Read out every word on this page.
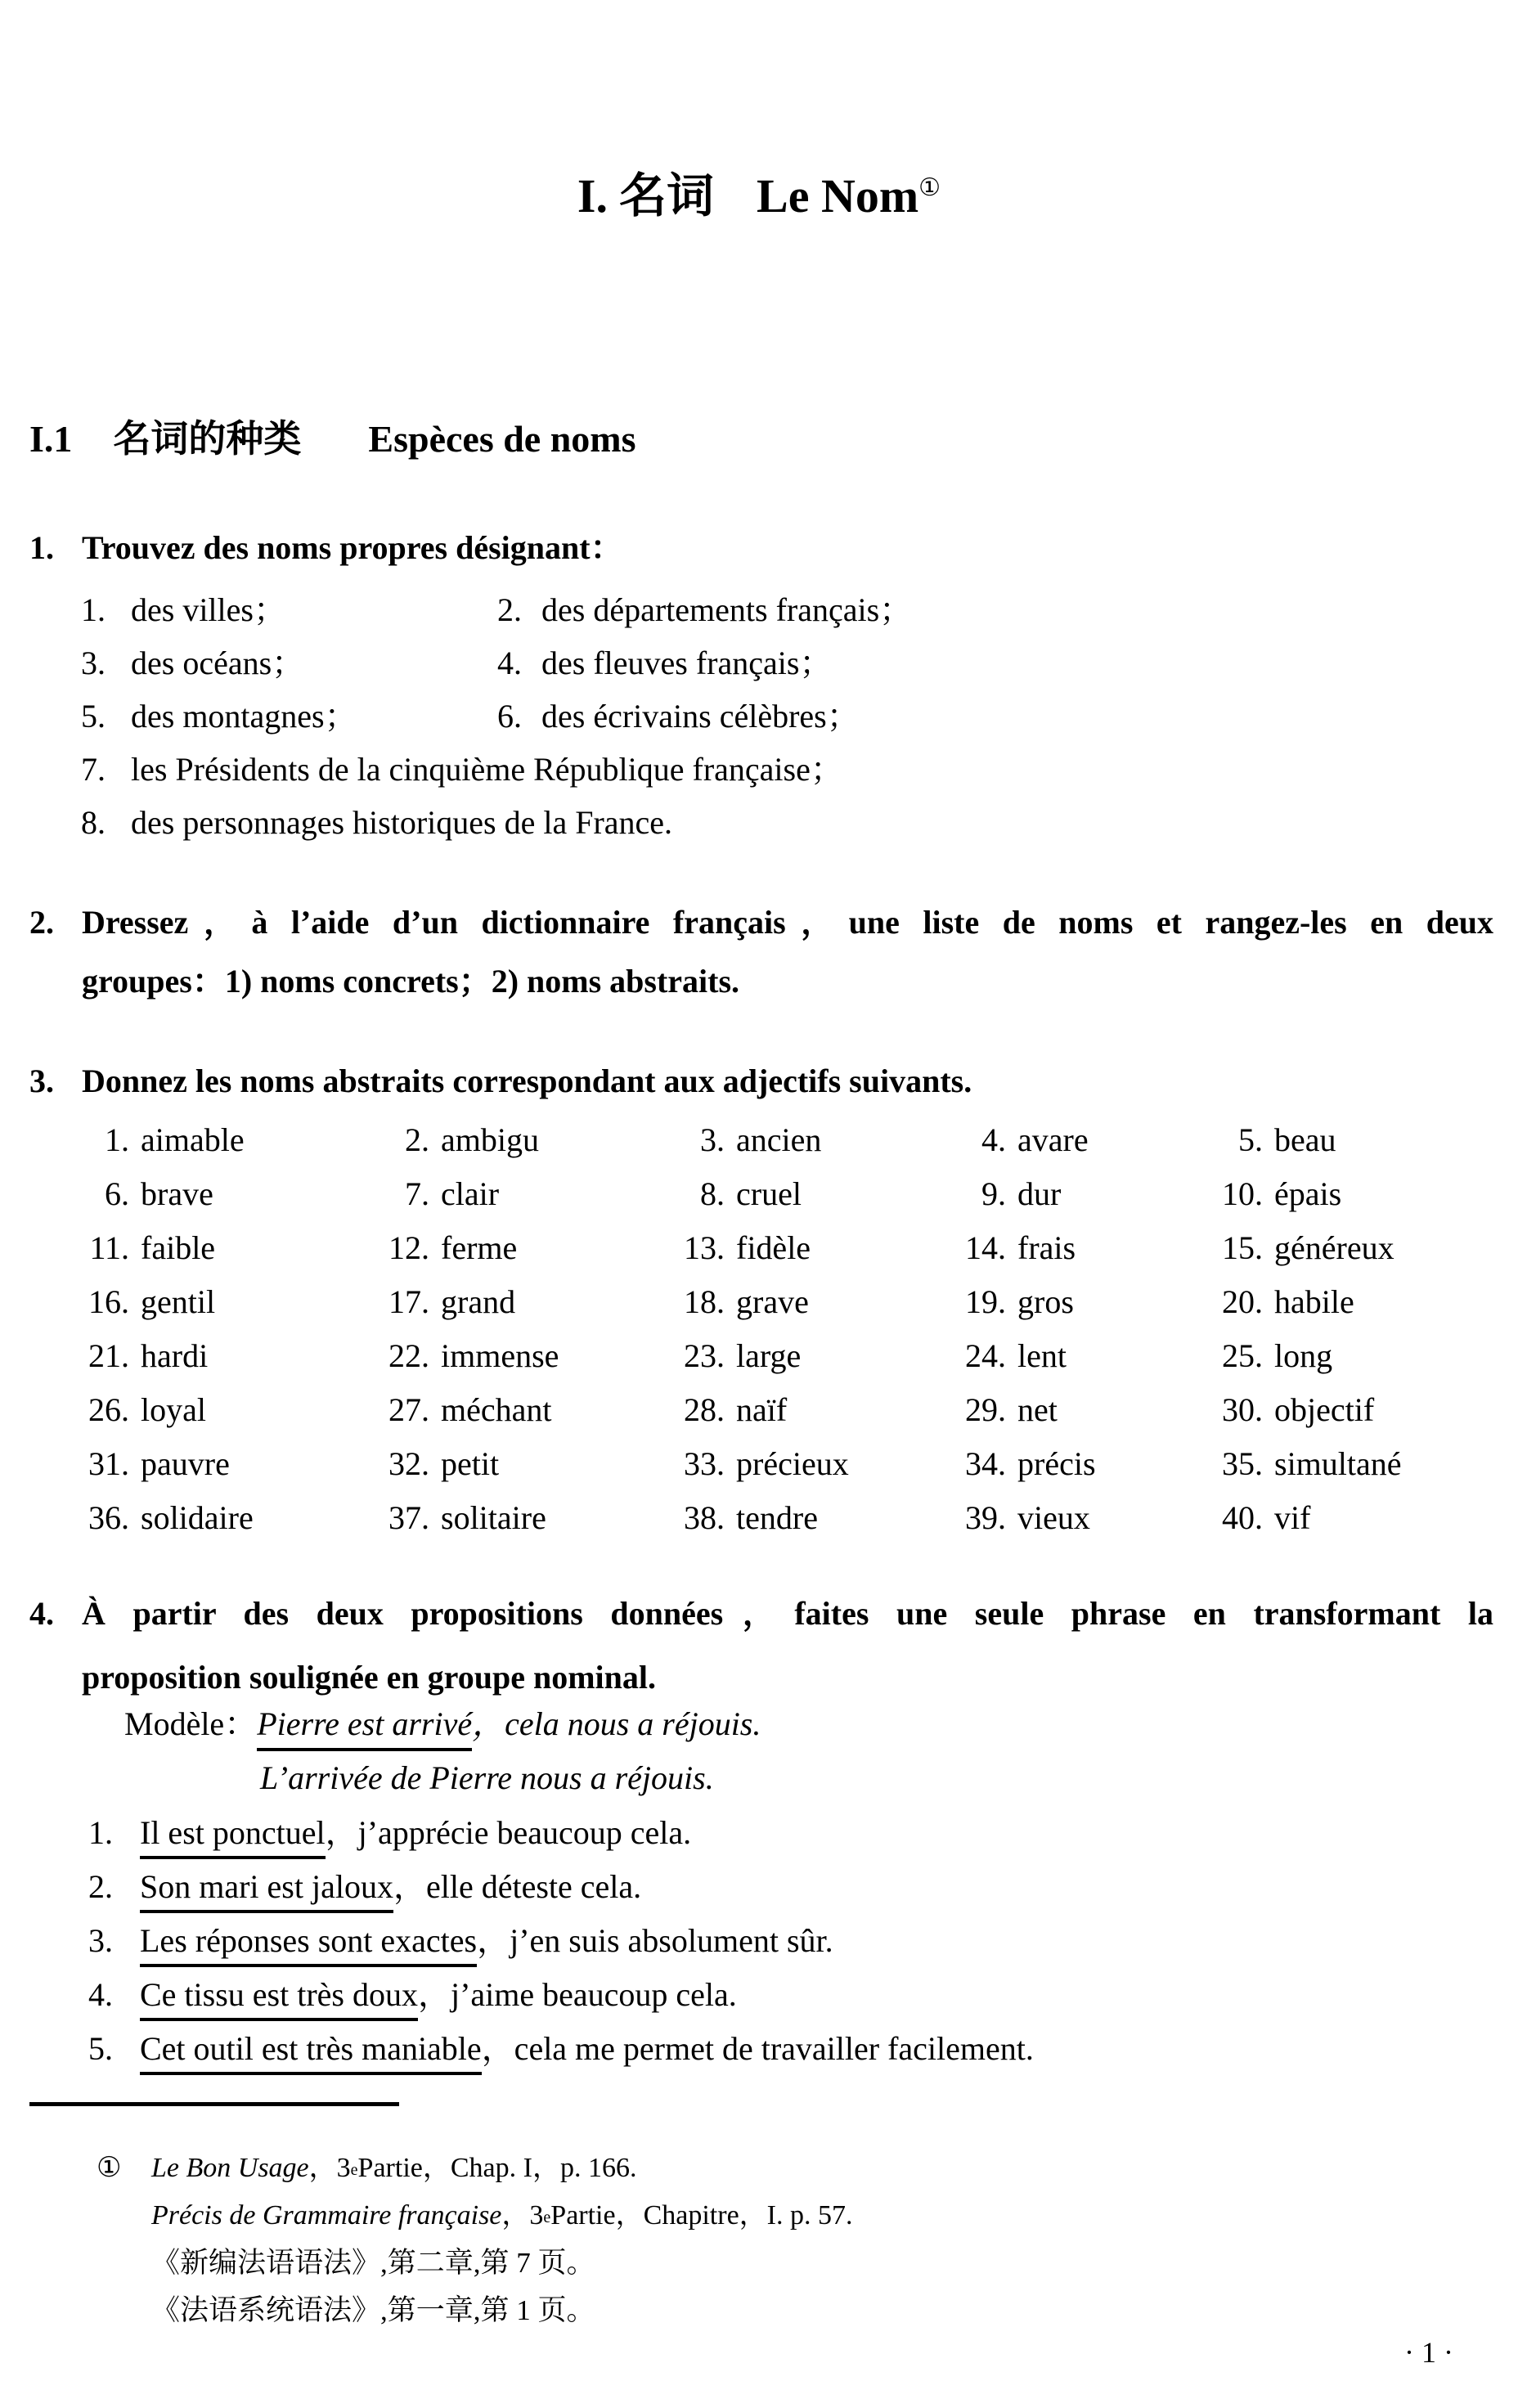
I. 名词 Le Nom①
I.1 名词的种类 Espèces de noms
1. Trouvez des noms propres désignant：
1. des villes；	2. des départements français；
3. des océans；	4. des fleuves français；
5. des montagnes；	6. des écrivains célèbres；
7. les Présidents de la cinquième République française；
8. des personnages historiques de la France.
2. Dressez，à l’aide d’un dictionnaire français，une liste de noms et rangez-les en deux
groupes：1) noms concrets；2) noms abstraits.
3. Donnez les noms abstraits correspondant aux adjectifs suivants.
1. aimable	2. ambigu	3. ancien	4. avare	5. beau
6. brave	7. clair	8. cruel	9. dur	10. épais
11. faible	12. ferme	13. fidèle	14. frais	15. généreux
16. gentil	17. grand	18. grave	19. gros	20. habile
21. hardi	22. immense	23. large	24. lent	25. long
26. loyal	27. méchant	28. naïf	29. net	30. objectif
31. pauvre	32. petit	33. précieux	34. précis	35. simultané
36. solidaire	37. solitaire	38. tendre	39. vieux	40. vif
4. À partir des deux propositions données，faites une seule phrase en transformant la
proposition soulignée en groupe nominal.
Modèle：Pierre est arrivé，cela nous a réjouis.
L’arrivée de Pierre nous a réjouis.
1. Il est ponctuel，j’apprécie beaucoup cela.
2. Son mari est jaloux，elle déteste cela.
3. Les réponses sont exactes，j’en suis absolument sûr.
4. Ce tissu est très doux，j’aime beaucoup cela.
5. Cet outil est très maniable，cela me permet de travailler facilement.
① Le Bon Usage，3ePartie，Chap. I，p. 166.
Précis de Grammaire française，3ePartie，Chapitre，I. p. 57.
《新编法语语法》,第二章,第 7 页。
《法语系统语法》,第一章,第 1 页。
· 1 ·
